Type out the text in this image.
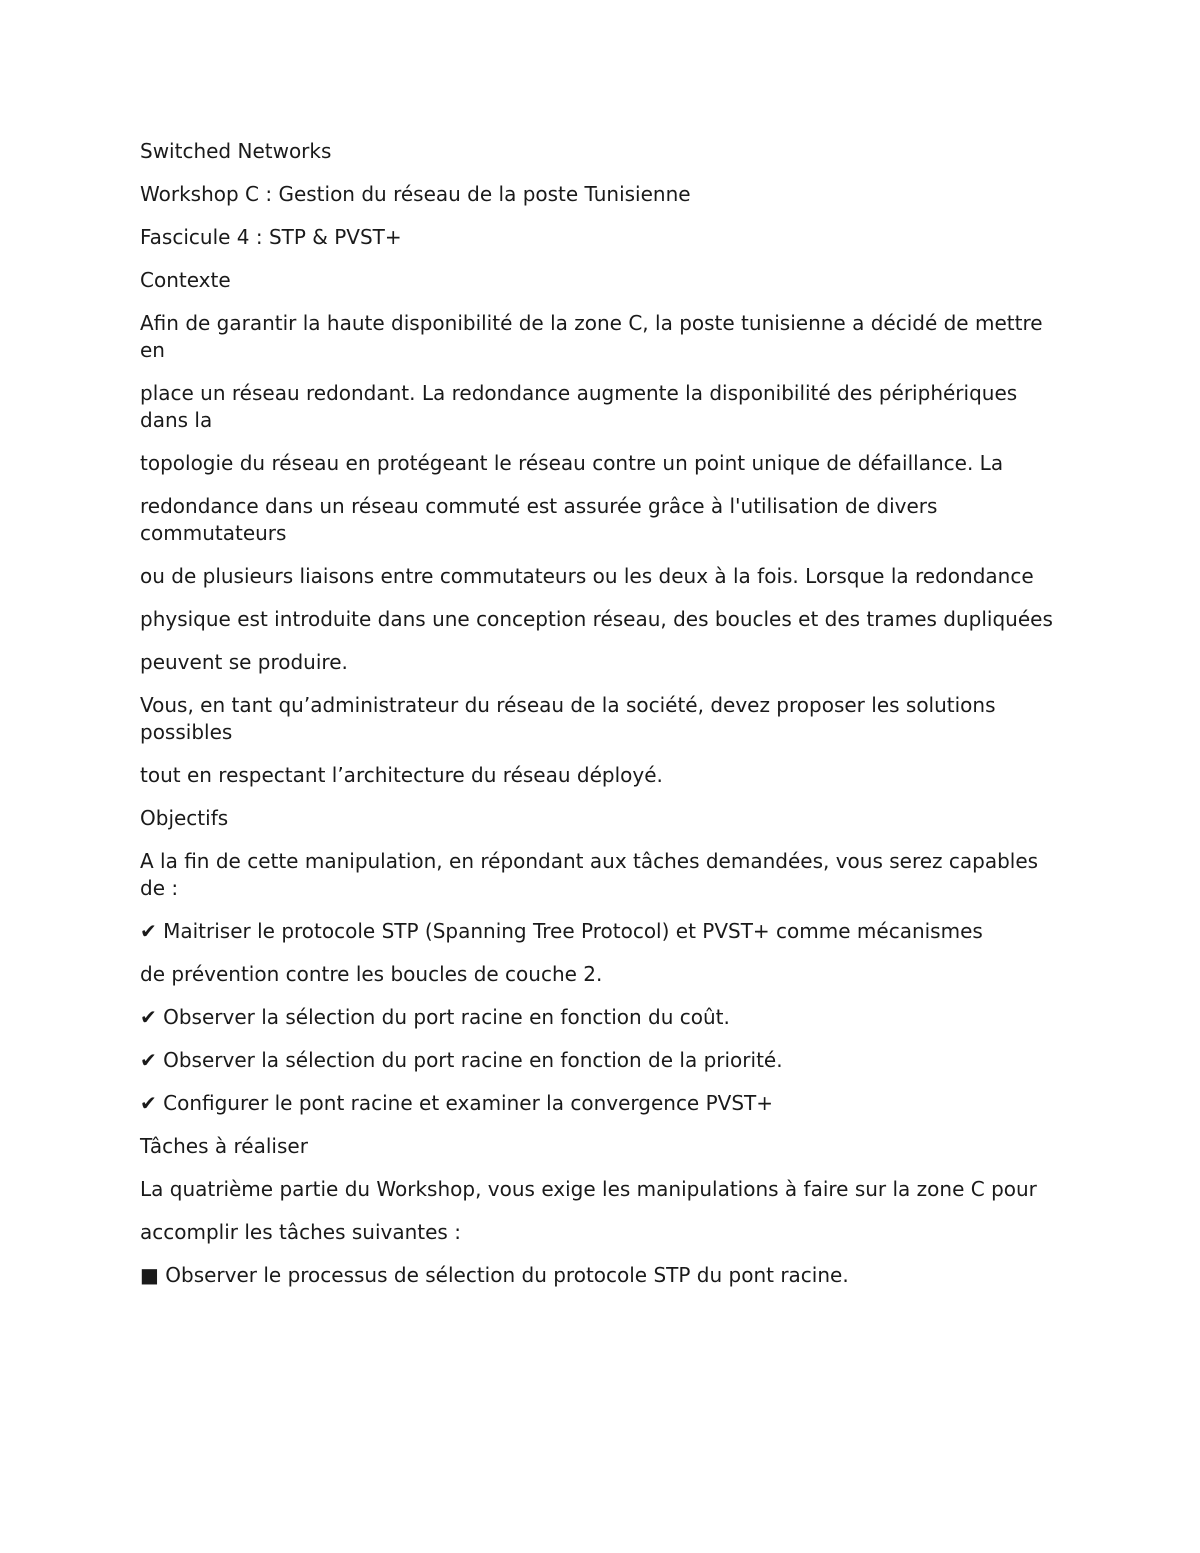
Switched Networks

Workshop C : Gestion du réseau de la poste Tunisienne

Fascicule 4 : STP & PVST+

Contexte

Afin de garantir la haute disponibilité de la zone C, la poste tunisienne a décidé de mettre en

place un réseau redondant. La redondance augmente la disponibilité des périphériques dans la

topologie du réseau en protégeant le réseau contre un point unique de défaillance. La

redondance dans un réseau commuté est assurée grâce à l'utilisation de divers commutateurs

ou de plusieurs liaisons entre commutateurs ou les deux à la fois. Lorsque la redondance

physique est introduite dans une conception réseau, des boucles et des trames dupliquées

peuvent se produire.

Vous, en tant qu’administrateur du réseau de la société, devez proposer les solutions possibles

tout en respectant l’architecture du réseau déployé.

Objectifs

A la fin de cette manipulation, en répondant aux tâches demandées, vous serez capables de :

✔ Maitriser le protocole STP (Spanning Tree Protocol) et PVST+ comme mécanismes

de prévention contre les boucles de couche 2.

✔ Observer la sélection du port racine en fonction du coût.

✔ Observer la sélection du port racine en fonction de la priorité.

✔ Configurer le pont racine et examiner la convergence PVST+

Tâches à réaliser

La quatrième partie du Workshop, vous exige les manipulations à faire sur la zone C pour

accomplir les tâches suivantes :

■ Observer le processus de sélection du protocole STP du pont racine.
